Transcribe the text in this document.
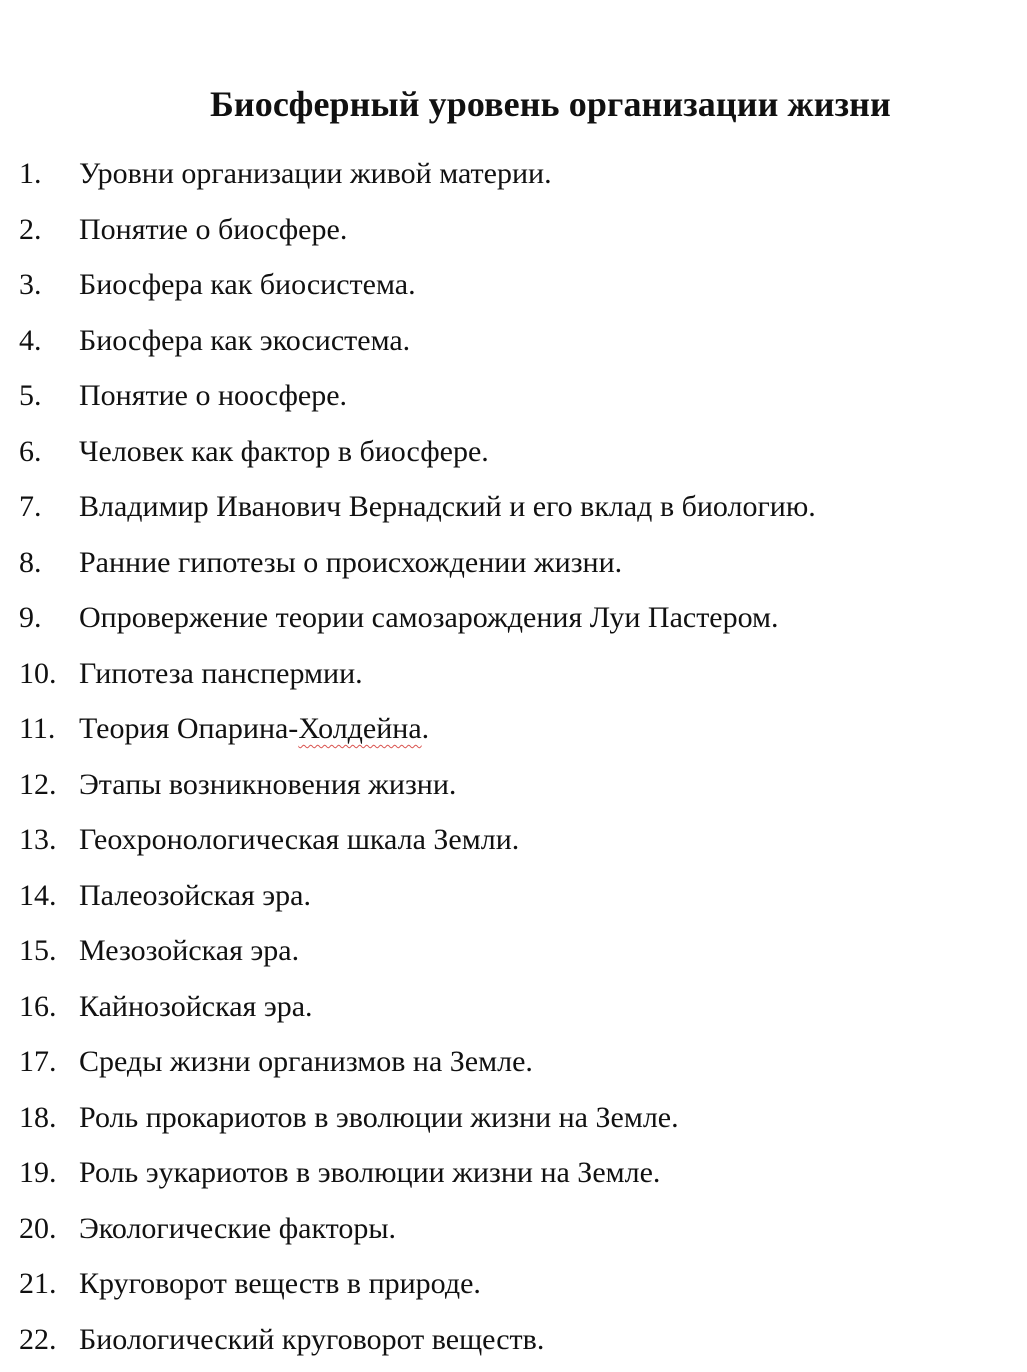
Биосферный уровень организации жизни
1.	Уровни организации живой материи.
2.	Понятие о биосфере.
3.	Биосфера как биосистема.
4.	Биосфера как экосистема.
5.	Понятие о ноосфере.
6.	Человек как фактор в биосфере.
7.	Владимир Иванович Вернадский и его вклад в биологию.
8.	Ранние гипотезы о происхождении жизни.
9.	Опровержение теории самозарождения Луи Пастером.
10. Гипотеза панспермии.
11. Теория Опарина-Холдейна.
12. Этапы возникновения жизни.
13. Геохронологическая шкала Земли.
14. Палеозойская эра.
15. Мезозойская эра.
16. Кайнозойская эра.
17. Среды жизни организмов на Земле.
18. Роль прокариотов в эволюции жизни на Земле.
19. Роль эукариотов в эволюции жизни на Земле.
20. Экологические факторы.
21. Круговорот веществ в природе.
22. Биологический круговорот веществ.
